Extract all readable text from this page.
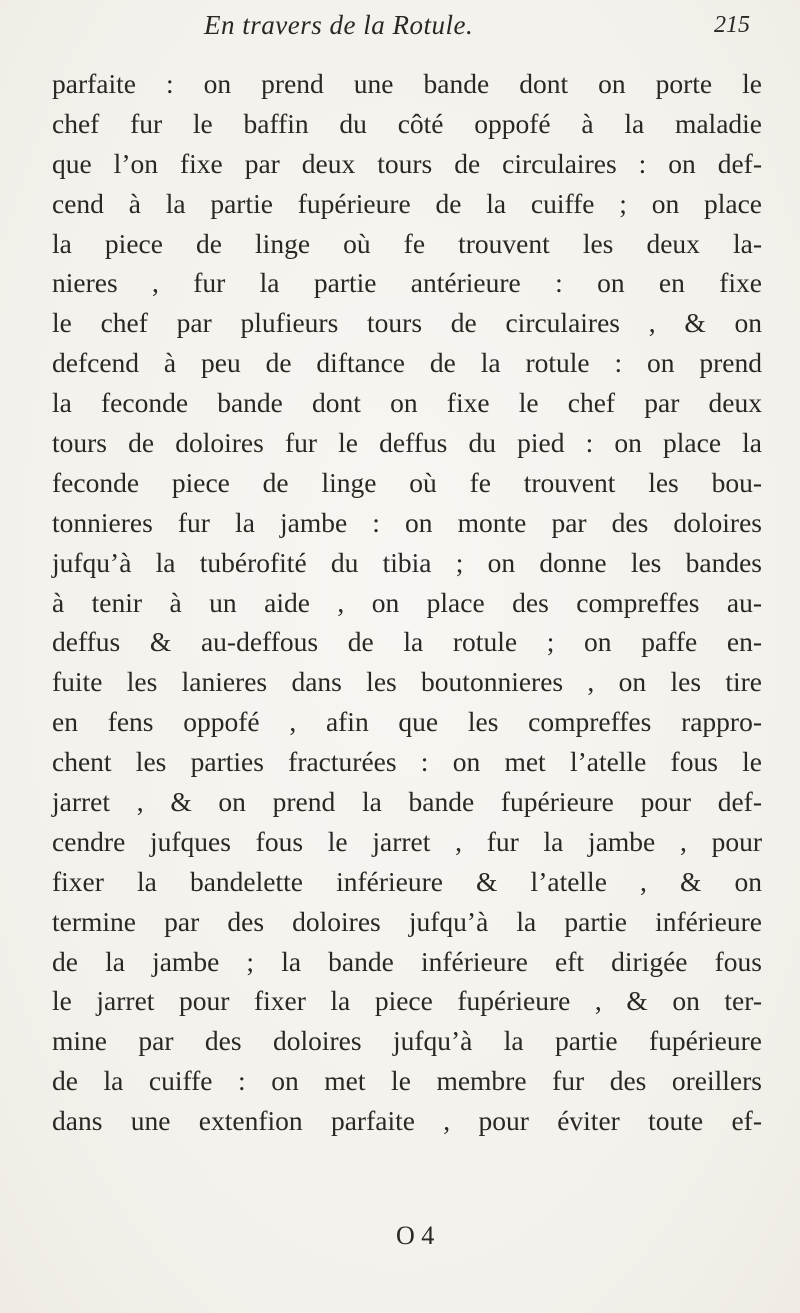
En travers de la Rotule.	215
parfaite : on prend une bande dont on porte le
chef fur le baffin du côté oppofé à la maladie
que l’on fixe par deux tours de circulaires : on def-
cend à la partie fupérieure de la cuiffe ; on place
la piece de linge où fe trouvent les deux la-
nieres , fur la partie antérieure : on en fixe
le chef par plufieurs tours de circulaires , & on
defcend à peu de diftance de la rotule : on prend
la feconde bande dont on fixe le chef par deux
tours de doloires fur le deffus du pied : on place la
feconde piece de linge où fe trouvent les bou-
tonnieres fur la jambe : on monte par des doloires
jufqu’à la tubérofité du tibia ; on donne les bandes
à tenir à un aide , on place des compreffes au-
deffus & au-deffous de la rotule ; on paffe en-
fuite les lanieres dans les boutonnieres , on les tire
en fens oppofé , afin que les compreffes rappro-
chent les parties fracturées : on met l’atelle fous le
jarret , & on prend la bande fupérieure pour def-
cendre jufques fous le jarret , fur la jambe , pour
fixer la bandelette inférieure & l’atelle , & on
termine par des doloires jufqu’à la partie inférieure
de la jambe ; la bande inférieure eft dirigée fous
le jarret pour fixer la piece fupérieure , & on ter-
mine par des doloires jufqu’à la partie fupérieure
de la cuiffe : on met le membre fur des oreillers
dans une extenfion parfaite , pour éviter toute ef-
O 4
